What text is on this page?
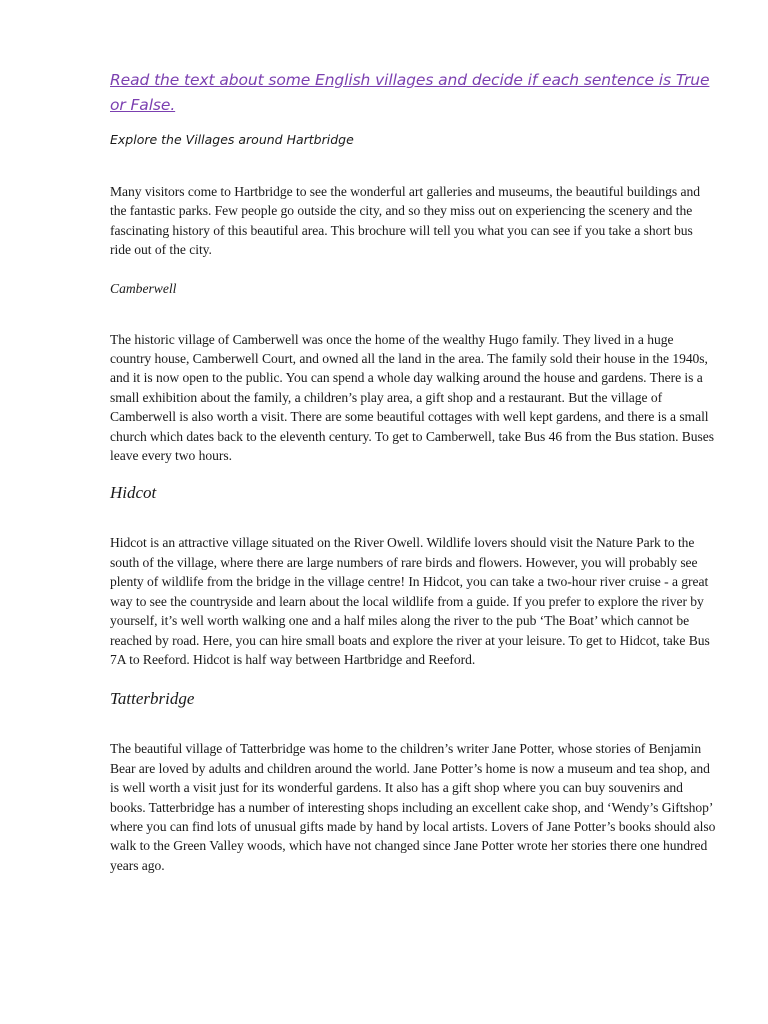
Read the text about some English villages and decide if each sentence is True or False.

Explore the Villages around Hartbridge

Many visitors come to Hartbridge to see the wonderful art galleries and museums, the beautiful buildings and the fantastic parks. Few people go outside the city, and so they miss out on experiencing the scenery and the fascinating history of this beautiful area. This brochure will tell you what you can see if you take a short bus ride out of the city.

Camberwell

The historic village of Camberwell was once the home of the wealthy Hugo family. They lived in a huge country house, Camberwell Court, and owned all the land in the area. The family sold their house in the 1940s, and it is now open to the public. You can spend a whole day walking around the house and gardens. There is a small exhibition about the family, a children’s play area, a gift shop and a restaurant. But the village of Camberwell is also worth a visit. There are some beautiful cottages with well kept gardens, and there is a small church which dates back to the eleventh century. To get to Camberwell, take Bus 46 from the Bus station. Buses leave every two hours.

Hidcot

Hidcot is an attractive village situated on the River Owell. Wildlife lovers should visit the Nature Park to the south of the village, where there are large numbers of rare birds and flowers. However, you will probably see plenty of wildlife from the bridge in the village centre! In Hidcot, you can take a two-hour river cruise - a great way to see the countryside and learn about the local wildlife from a guide. If you prefer to explore the river by yourself, it’s well worth walking one and a half miles along the river to the pub ‘The Boat’ which cannot be reached by road. Here, you can hire small boats and explore the river at your leisure. To get to Hidcot, take Bus 7A to Reeford. Hidcot is half way between Hartbridge and Reeford.

Tatterbridge

The beautiful village of Tatterbridge was home to the children’s writer Jane Potter, whose stories of Benjamin Bear are loved by adults and children around the world. Jane Potter’s home is now a museum and tea shop, and is well worth a visit just for its wonderful gardens. It also has a gift shop where you can buy souvenirs and books. Tatterbridge has a number of interesting shops including an excellent cake shop, and ‘Wendy’s Giftshop’ where you can find lots of unusual gifts made by hand by local artists. Lovers of Jane Potter’s books should also walk to the Green Valley woods, which have not changed since Jane Potter wrote her stories there one hundred years ago.
